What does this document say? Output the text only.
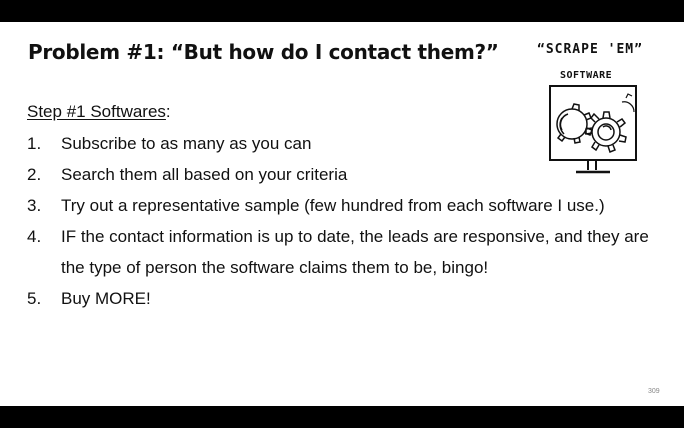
Problem #1: “But how do I contact them?”
Step #1 Softwares:
1.	Subscribe to as many as you can
2.	Search them all based on your criteria
3.	Try out a representative sample (few hundred from each software I use.)
4.	IF the contact information is up to date, the leads are responsive, and they are the type of person the software claims them to be, bingo!
5.	Buy MORE!
“SCRAPE 'EM”
SOFTWARE
309
